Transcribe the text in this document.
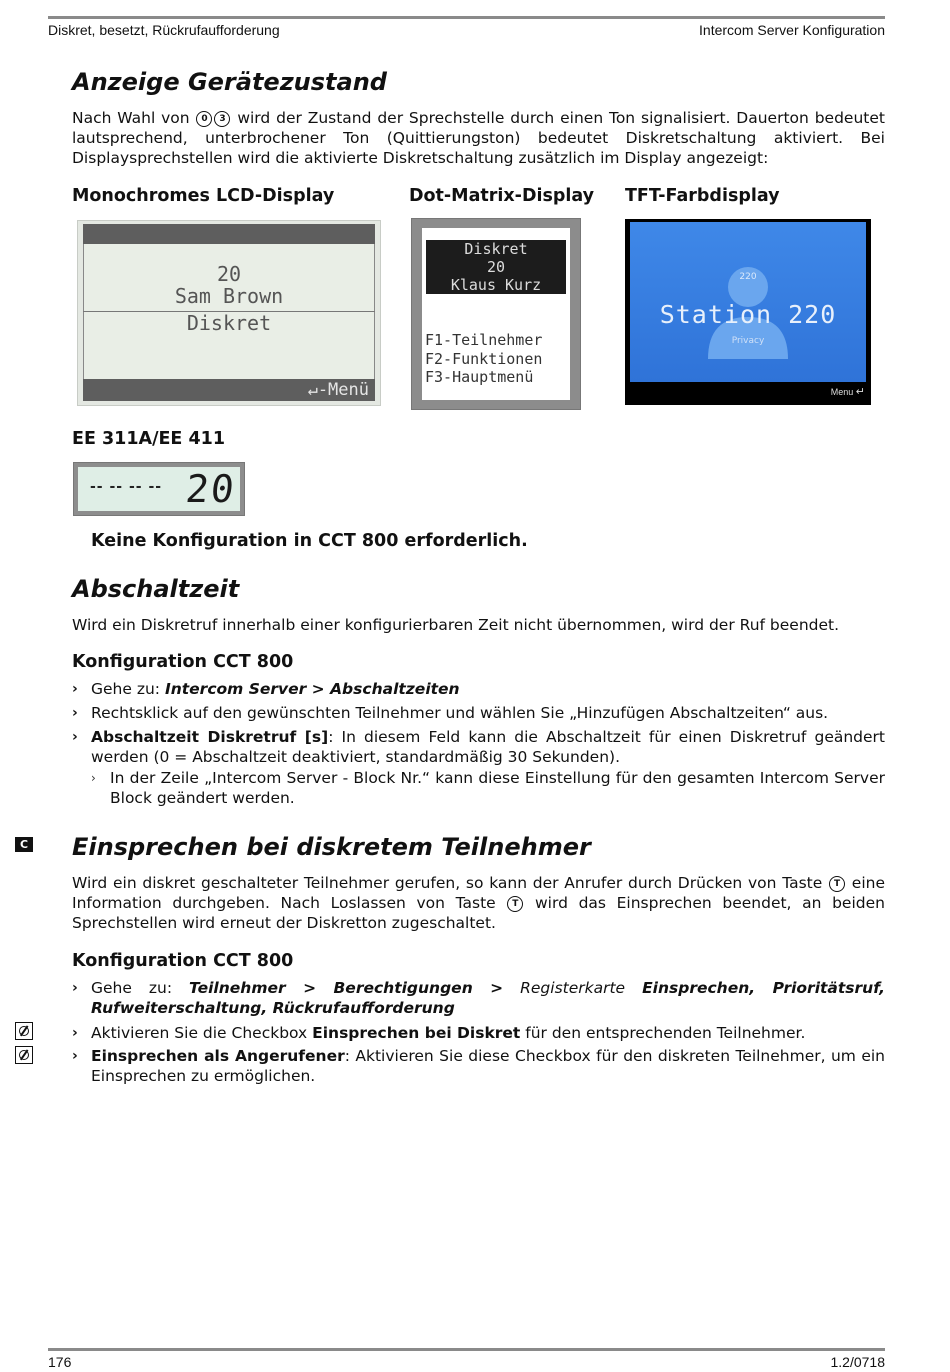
Diskret, besetzt, Rückrufaufforderung	Intercom Server Konfiguration
Anzeige Gerätezustand
Nach Wahl von 0 3 wird der Zustand der Sprechstelle durch einen Ton signalisiert. Dauerton bedeutet lautsprechend, unterbrochener Ton (Quittierungston) bedeutet Diskretschaltung aktiviert. Bei Displaysprechstellen wird die aktivierte Diskretschaltung zusätzlich im Display angezeigt:
Monochromes LCD-Display	Dot-Matrix-Display TFT-Farbdisplay
20
Sam Brown
Diskret
↵-Menü
Diskret
20
Klaus Kurz
F1-Teilnehmer
F2-Funktionen
F3-Hauptmenü
220
Station 220
Privacy
Menu ↵
EE 311A/EE 411
-- -- -- -- 20
Keine Konfiguration in CCT 800 erforderlich.
Abschaltzeit
Wird ein Diskretruf innerhalb einer konfigurierbaren Zeit nicht übernommen, wird der Ruf beendet.
Konfiguration CCT 800
› Gehe zu: Intercom Server > Abschaltzeiten
› Rechtsklick auf den gewünschten Teilnehmer und wählen Sie „Hinzufügen Abschaltzeiten“ aus.
› Abschaltzeit Diskretruf [s]: In diesem Feld kann die Abschaltzeit für einen Diskretruf geändert werden (0 = Abschaltzeit deaktiviert, standardmäßig 30 Sekunden).
› In der Zeile „Intercom Server - Block Nr.“ kann diese Einstellung für den gesamten Intercom Server Block geändert werden.
C Einsprechen bei diskretem Teilnehmer
Wird ein diskret geschalteter Teilnehmer gerufen, so kann der Anrufer durch Drücken von Taste T eine Information durchgeben. Nach Loslassen von Taste T wird das Einsprechen beendet, an beiden Sprechstellen wird erneut der Diskretton zugeschaltet.
Konfiguration CCT 800
› Gehe zu: Teilnehmer > Berechtigungen > Registerkarte Einsprechen, Prioritätsruf, Rufweiterschaltung, Rückrufaufforderung
› Aktivieren Sie die Checkbox Einsprechen bei Diskret für den entsprechenden Teilnehmer.
› Einsprechen als Angerufener: Aktivieren Sie diese Checkbox für den diskreten Teilnehmer, um ein Einsprechen zu ermöglichen.
176	1.2/0718
